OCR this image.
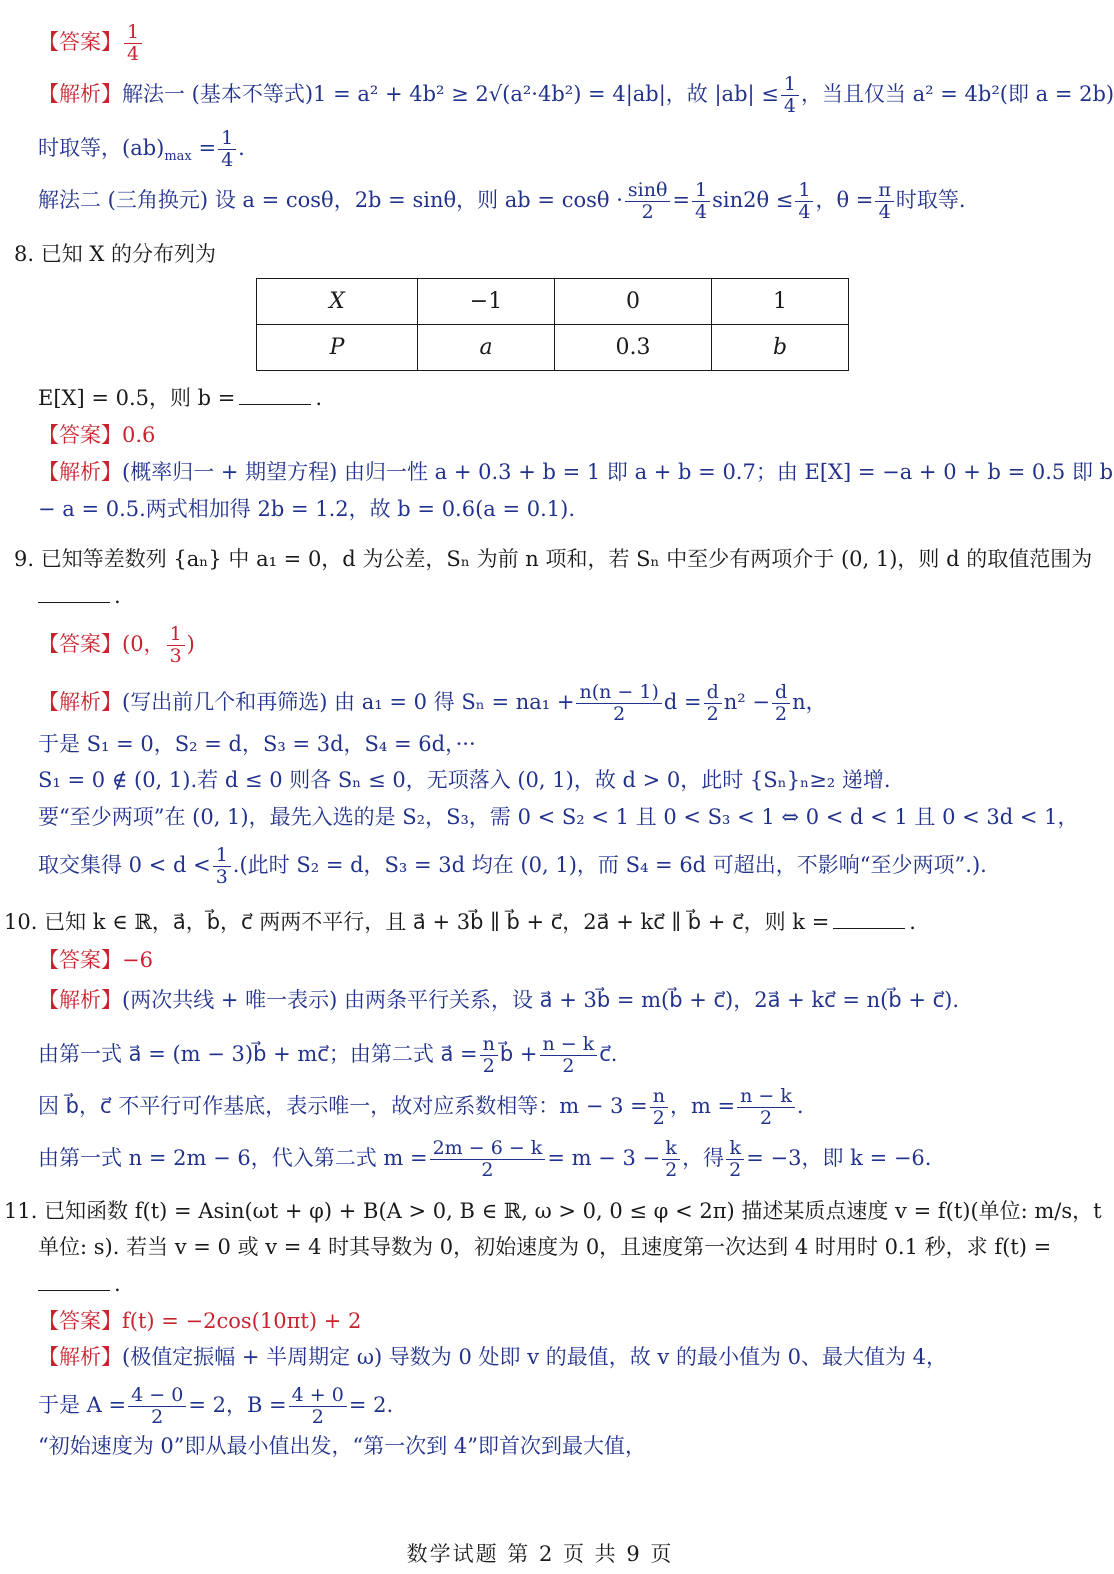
【答案】 $\frac{1}{4}$
【解析】解法一 (基本不等式)1 = a² + 4b² ≥ 2√(a²·4b²) = 4|ab|，故 $|ab| \le \frac{1}{4}$ ，当且仅当 a² = 4b²(即 a = 2b)
时取等，$(ab)_{max} = \frac{1}{4}$ .
解法二 (三角换元) 设 a = cosθ，2b = sinθ，则 ab = $\cos\theta \cdot \frac{\sin\theta}{2} = \frac{1}{4} \sin 2\theta \le \frac{1}{4}$ ，$\theta = \frac{\pi}{4}$ 时取等.
8. 已知 X 的分布列为
X	−1	0	1
P	a	0.3	b
E[X] = 0.5，则 b =	.
【答案】0.6
【解析】(概率归一 + 期望方程) 由归一性 a + 0.3 + b = 1 即 a + b = 0.7；由 E[X] = −a + 0 + b = 0.5 即 b
− a = 0.5.两式相加得 2b = 1.2，故 b = 0.6(a = 0.1).
9. 已知等差数列 {aₙ} 中 a₁ = 0，d 为公差，Sₙ 为前 n 项和，若 Sₙ 中至少有两项介于 (0, 1)，则 d 的取值范围为
.
【答案】(0， $\frac{1}{3}$ )
【解析】(写出前几个和再筛选) 由 a₁ = 0 得 $S_n = na_1 + \frac{n(n - 1)}{2}$ $d = \frac{d}{2} n^2 - \frac{d}{2}$ n，
于是 S₁ = 0，S₂ = d，S₃ = 3d，S₄ = 6d，···
S₁ = 0 ∉ (0, 1).若 d ≤ 0 则各 Sₙ ≤ 0，无项落入 (0, 1)，故 d > 0，此时 {Sₙ}ₙ≥₂ 递增.
要“至少两项”在 (0, 1)，最先入选的是 S₂，S₃，需 0 < S₂ < 1 且 0 < S₃ < 1 ⇔ 0 < d < 1 且 0 < 3d < 1，
取交集得 $0 < d < \frac{1}{3}$ .(此时 S₂ = d，S₃ = 3d 均在 (0, 1)，而 S₄ = 6d 可超出，不影响“至少两项”.).
10. 已知 k ∈ ℝ，a⃗，b⃗，c⃗ 两两不平行，且 a⃗ + 3b⃗ ∥ b⃗ + c⃗，2a⃗ + kc⃗ ∥ b⃗ + c⃗，则 k =	.
【答案】−6
【解析】(两次共线 + 唯一表示) 由两条平行关系，设 a⃗ + 3b⃗ = m(b⃗ + c⃗)，2a⃗ + kc⃗ = n(b⃗ + c⃗).
由第一式 a⃗ = (m − 3)b⃗ + mc⃗；由第二式 a⃗ = $\frac{n}{2}$ b⃗ + $\frac{n - k}{2}$ c⃗.
因 b⃗，c⃗ 不平行可作基底，表示唯一，故对应系数相等：$m - 3 = \frac{n}{2}$ ，$m = \frac{n - k}{2}$ .
由第一式 n = 2m − 6，代入第二式 $m = \frac{2m - 6 - k}{2} = m - 3 - \frac{k}{2}$ ，得 $\frac{k}{2} = -3$，即 k = −6.
11. 已知函数 f(t) = Asin(ωt + φ) + B(A > 0, B ∈ ℝ, ω > 0, 0 ≤ φ < 2π) 描述某质点速度 v = f(t)(单位: m/s，t
单位: s). 若当 v = 0 或 v = 4 时其导数为 0，初始速度为 0，且速度第一次达到 4 时用时 0.1 秒，求 f(t) =
.
【答案】f(t) = −2cos(10πt) + 2
【解析】(极值定振幅 + 半周期定 ω) 导数为 0 处即 v 的最值，故 v 的最小值为 0、最大值为 4，
于是 $A = \frac{4 - 0}{2} = 2$，$B = \frac{4 + 0}{2} = 2$.
“初始速度为 0”即从最小值出发，“第一次到 4”即首次到最大值，
数学试题 第 2 页 共 9 页
